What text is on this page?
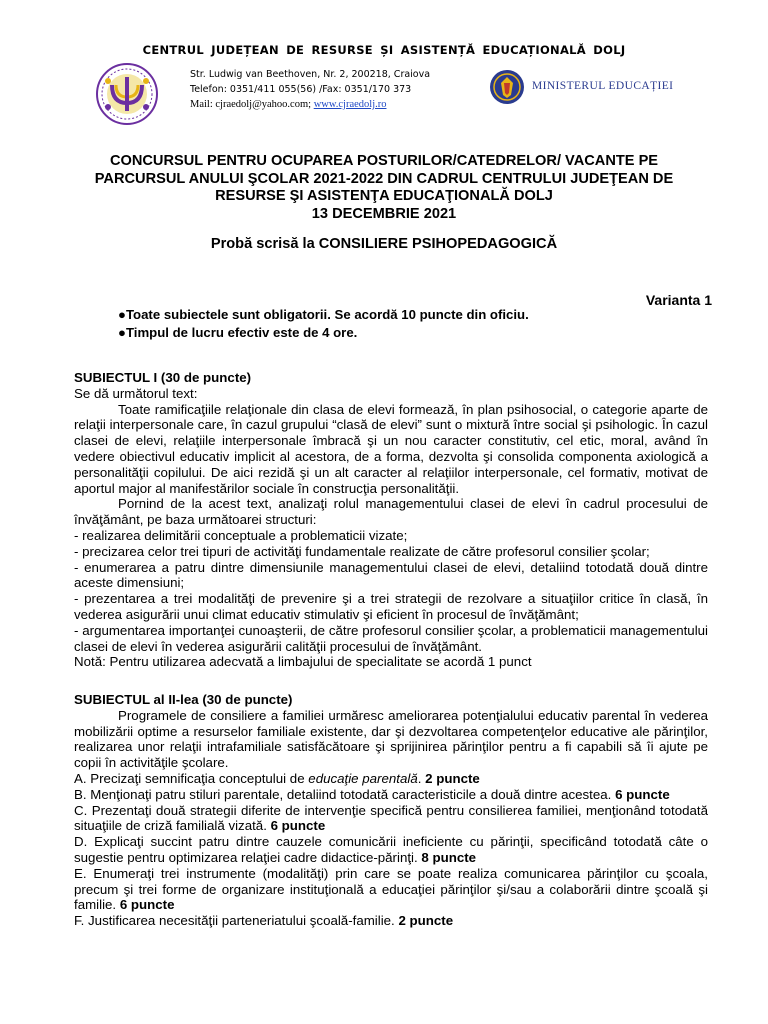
CENTRUL JUDEȚEAN DE RESURSE ȘI ASISTENȚĂ EDUCAȚIONALĂ DOLJ
Str. Ludwig van Beethoven, Nr. 2, 200218, Craiova
Telefon: 0351/411 055(56) /Fax: 0351/170 373
Mail: cjraedolj@yahoo.com; www.cjraedolj.ro
MINISTERUL EDUCAȚIEI
CONCURSUL PENTRU OCUPAREA POSTURILOR/CATEDRELOR/ VACANTE PE
PARCURSUL ANULUI ŞCOLAR 2021-2022 DIN CADRUL CENTRULUI JUDEŢEAN DE
RESURSE ŞI ASISTENŢA EDUCAŢIONALĂ DOLJ
13 DECEMBRIE 2021
Probă scrisă la CONSILIERE PSIHOPEDAGOGICĂ
Varianta 1
●Toate subiectele sunt obligatorii. Se acordă 10 puncte din oficiu.
●Timpul de lucru efectiv este de 4 ore.

SUBIECTUL I (30 de puncte)

Se dă următorul text:

Toate ramificaţiile relaţionale din clasa de elevi formează, în plan psihosocial, o categorie aparte de relaţii interpersonale care, în cazul grupului “clasă de elevi” sunt o mixtură între social şi psihologic. În cazul clasei de elevi, relaţiile interpersonale îmbracă şi un nou caracter constitutiv, cel etic, moral, având în vedere obiectivul educativ implicit al acestora, de a forma, dezvolta şi consolida componenta axiologică a personalităţii copilului. De aici rezidă şi un alt caracter al relaţiilor interpersonale, cel formativ, motivat de aportul major al manifestărilor sociale în construcţia personalităţii.

Pornind de la acest text, analizaţi rolul managementului clasei de elevi în cadrul procesului de învăţământ, pe baza următoarei structuri:

- realizarea delimitării conceptuale a problematicii vizate;

- precizarea celor trei tipuri de activităţi fundamentale realizate de către profesorul consilier şcolar;

- enumerarea a patru dintre dimensiunile managementului clasei de elevi, detaliind totodată două dintre aceste dimensiuni;

- prezentarea a trei modalităţi de prevenire şi a trei strategii de rezolvare a situaţiilor critice în clasă, în vederea asigurării unui climat educativ stimulativ şi eficient în procesul de învăţământ;

- argumentarea importanţei cunoaşterii, de către profesorul consilier şcolar, a problematicii managementului clasei de elevi în vederea asigurării calităţii procesului de învăţământ.

Notă: Pentru utilizarea adecvată a limbajului de specialitate se acordă 1 punct

SUBIECTUL al II-lea (30 de puncte)

Programele de consiliere a familiei urmăresc ameliorarea potenţialului educativ parental în vederea mobilizării optime a resurselor familiale existente, dar şi dezvoltarea competenţelor educative ale părinţilor, realizarea unor relaţii intrafamiliale satisfăcătoare şi sprijinirea părinţilor pentru a fi capabili să îi ajute pe copii în activităţile şcolare.

A. Precizaţi semnificaţia conceptului de educaţie parentală. 2 puncte

B. Menţionaţi patru stiluri parentale, detaliind totodată caracteristicile a două dintre acestea. 6 puncte

C. Prezentaţi două strategii diferite de intervenţie specifică pentru consilierea familiei, menţionând totodată situaţiile de criză familială vizată. 6 puncte

D. Explicaţi succint patru dintre cauzele comunicării ineficiente cu părinţii, specificând totodată câte o sugestie pentru optimizarea relaţiei cadre didactice-părinţi. 8 puncte

E. Enumeraţi trei instrumente (modalităţi) prin care se poate realiza comunicarea părinţilor cu şcoala, precum şi trei forme de organizare instituţională a educaţiei părinţilor şi/sau a colaborării dintre şcoală şi familie. 6 puncte

F. Justificarea necesităţii parteneriatului şcoală-familie. 2 puncte
